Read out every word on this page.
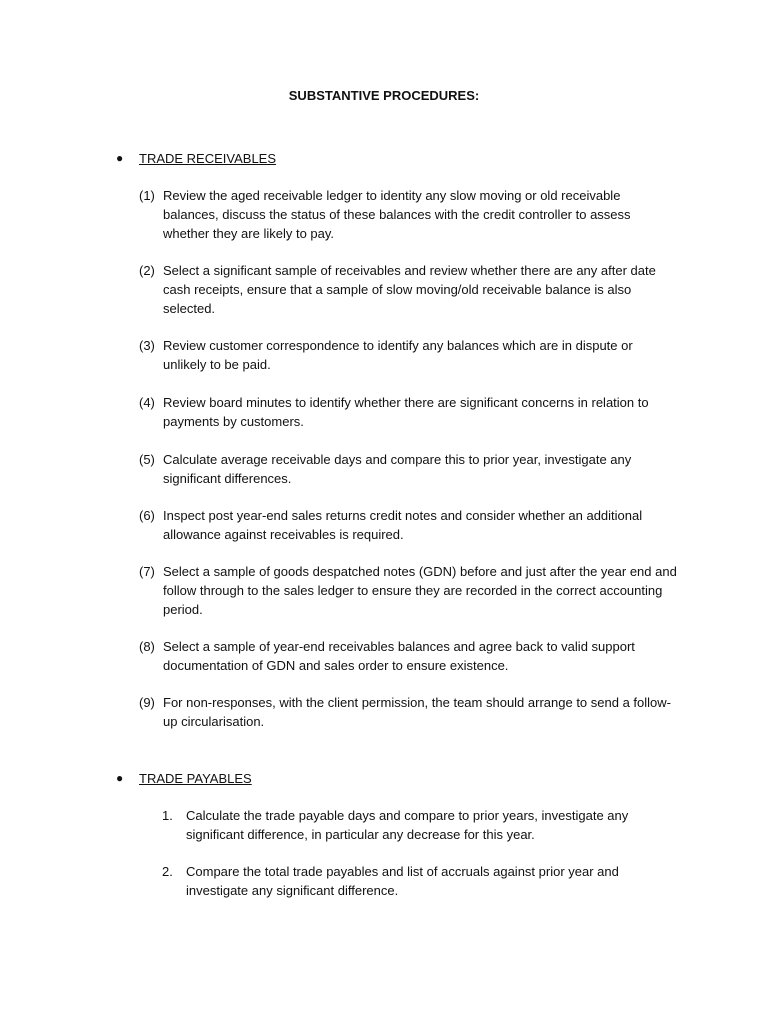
SUBSTANTIVE PROCEDURES:
● TRADE RECEIVABLES
(1) Review the aged receivable ledger to identity any slow moving or old receivable balances, discuss the status of these balances with the credit controller to assess whether they are likely to pay.
(2) Select a significant sample of receivables and review whether there are any after date cash receipts, ensure that a sample of slow moving/old receivable balance is also selected.
(3) Review customer correspondence to identify any balances which are in dispute or unlikely to be paid.
(4) Review board minutes to identify whether there are significant concerns in relation to payments by customers.
(5) Calculate average receivable days and compare this to prior year, investigate any significant differences.
(6) Inspect post year-end sales returns credit notes and consider whether an additional allowance against receivables is required.
(7) Select a sample of goods despatched notes (GDN) before and just after the year end and follow through to the sales ledger to ensure they are recorded in the correct accounting period.
(8) Select a sample of year-end receivables balances and agree back to valid support documentation of GDN and sales order to ensure existence.
(9) For non-responses, with the client permission, the team should arrange to send a follow-up circularisation.
● TRADE PAYABLES
1. Calculate the trade payable days and compare to prior years, investigate any significant difference, in particular any decrease for this year.
2. Compare the total trade payables and list of accruals against prior year and investigate any significant difference.
